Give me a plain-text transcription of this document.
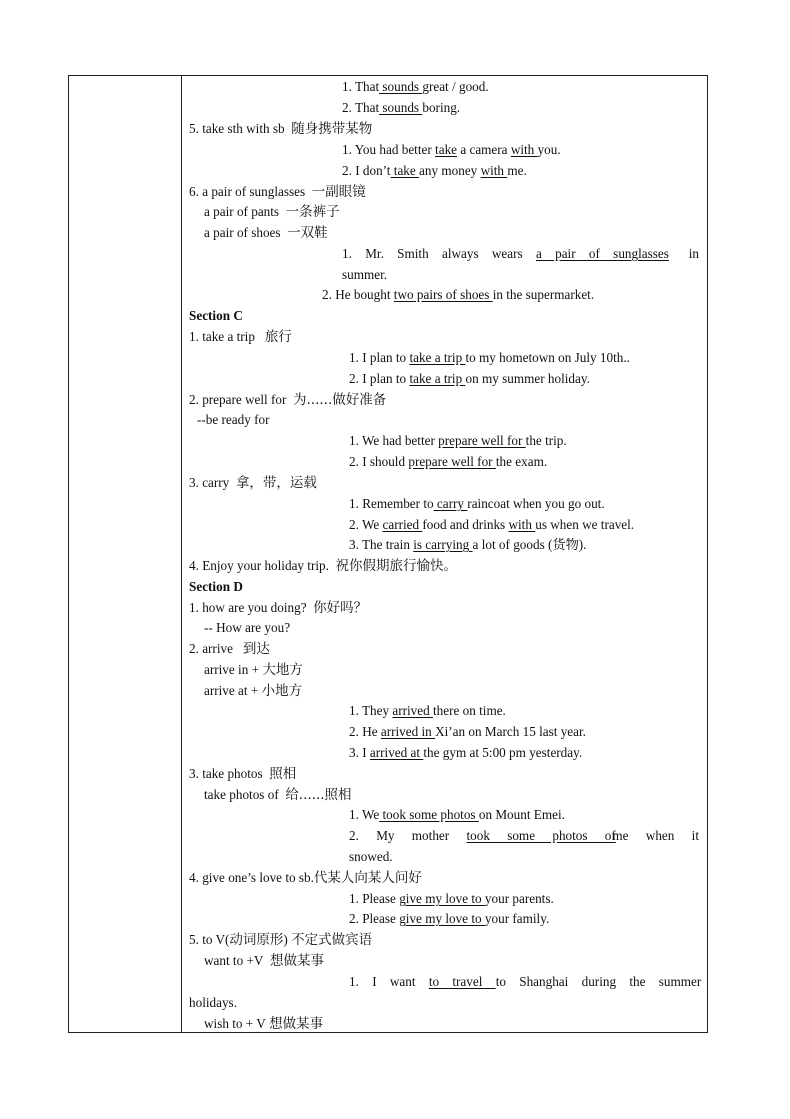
1. That sounds great / good.
2. That sounds boring.
5. take sth with sb 随身携带某物
1. You had better take a camera with you.
2. I don’t take any money with me.
6. a pair of sunglasses 一副眼镜
a pair of pants 一条裤子
a pair of shoes 一双鞋
1. Mr. Smith always wears a pair of sunglasses in
summer.
2. He bought two pairs of shoes in the supermarket.
Section C
1. take a trip 旅行
1. I plan to take a trip to my hometown on July 10th..
2. I plan to take a trip on my summer holiday.
2. prepare well for 为......做好准备
--be ready for
1. We had better prepare well for the trip.
2. I should prepare well for the exam.
3. carry 拿，带，运载
1. Remember to carry raincoat when you go out.
2. We carried food and drinks with us when we travel.
3. The train is carrying a lot of goods (货物).
4. Enjoy your holiday trip. 祝你假期旅行愉快。
Section D
1. how are you doing? 你好吗？
-- How are you?
2. arrive 到达
arrive in + 大地方
arrive at + 小地方
1. They arrived there on time.
2. He arrived in Xi’an on March 15 last year.
3. I arrived at the gym at 5:00 pm yesterday.
3. take photos 照相
take photos of 给......照相
1. We took some photos on Mount Emei.
2. My mother took some photos of
me when it
snowed.
4. give one’s love to sb.代某人向某人问好
1. Please give my love to your parents.
2. Please give my love to your family.
5. to V(动词原形) 不定式做宾语
want to +V 想做某事
1. I want to travel to Shanghai during the summer
holidays.
wish to + V 想做某事
